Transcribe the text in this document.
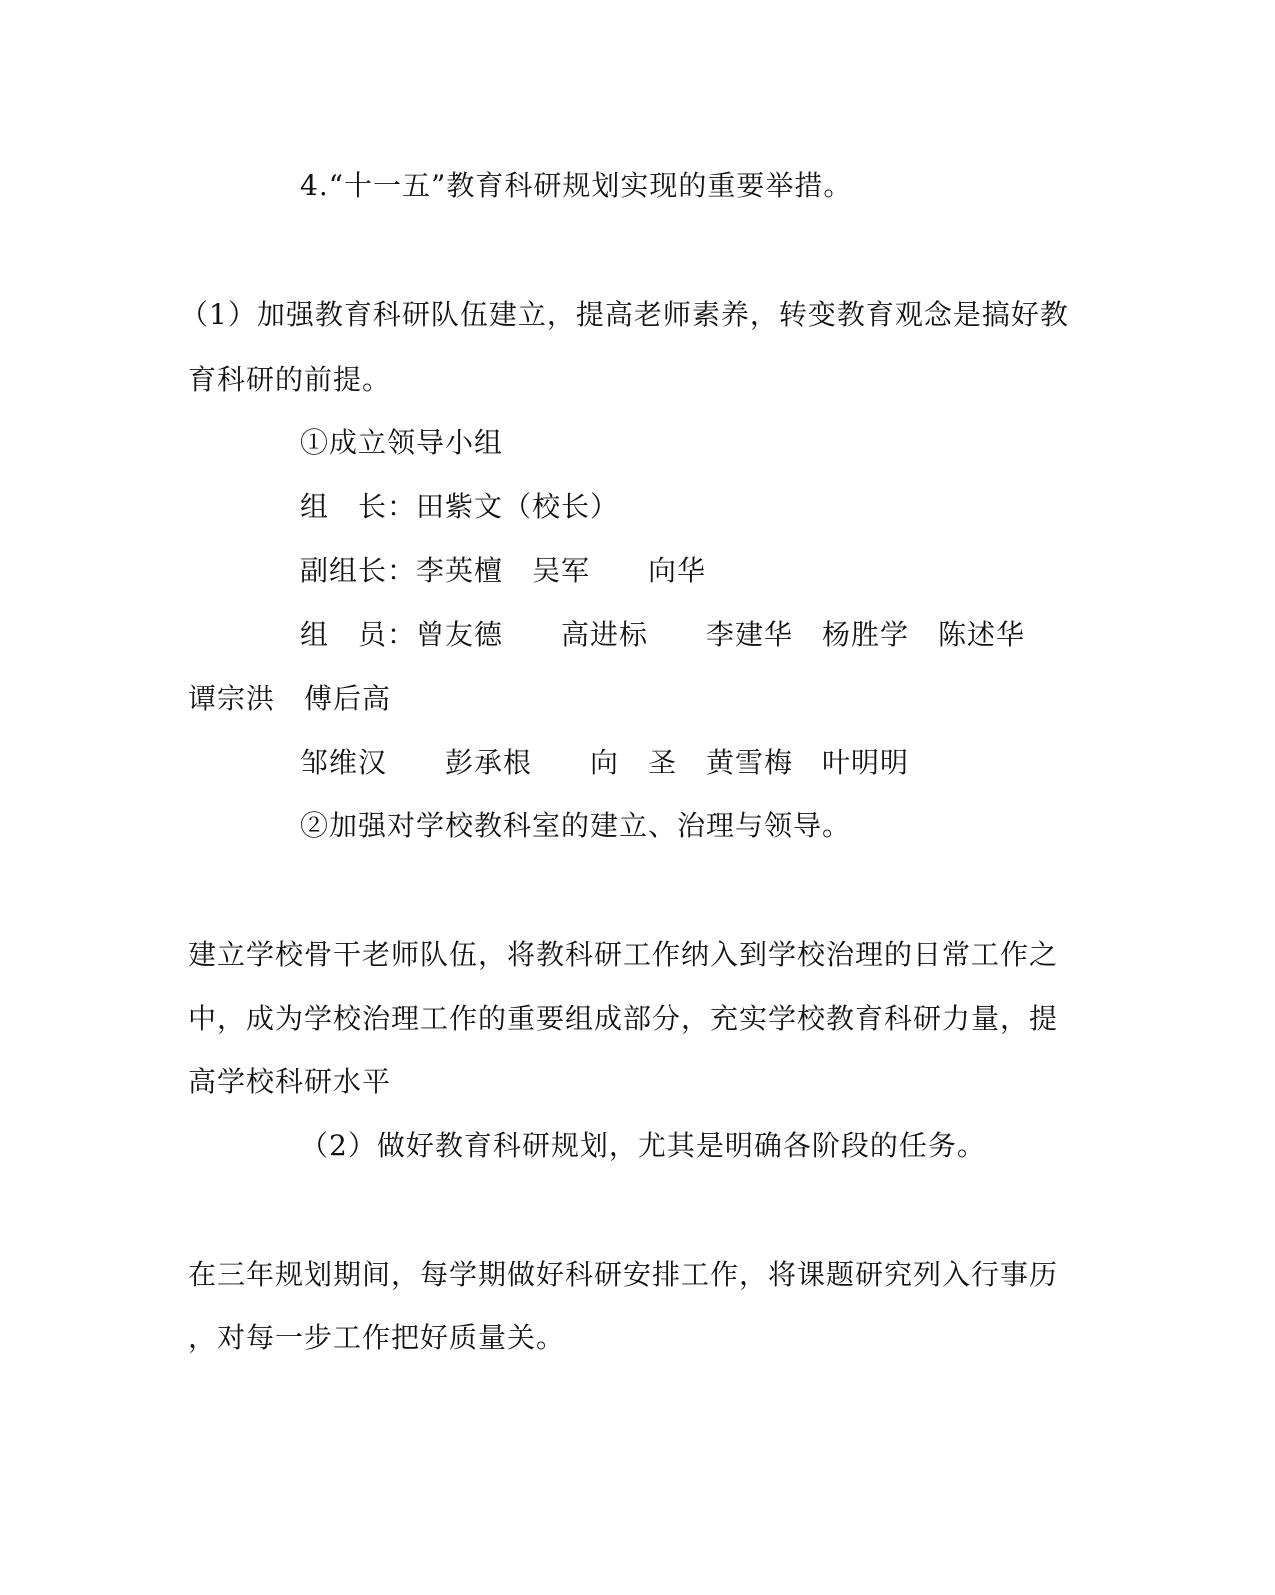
4.“十一五”教育科研规划实现的重要举措。
（1）加强教育科研队伍建立，提高老师素养，转变教育观念是搞好教
育科研的前提。
①成立领导小组
组　长：田紫文（校长）
副组长：李英檀　吴军　　向华
组　员：曾友德　　高进标　　李建华　杨胜学　陈述华
谭宗洪　傅后高
邹维汉　　彭承根　　向　圣　黄雪梅　叶明明
②加强对学校教科室的建立、治理与领导。
建立学校骨干老师队伍，将教科研工作纳入到学校治理的日常工作之
中，成为学校治理工作的重要组成部分，充实学校教育科研力量，提
高学校科研水平
（2）做好教育科研规划，尤其是明确各阶段的任务。
在三年规划期间，每学期做好科研安排工作，将课题研究列入行事历
，对每一步工作把好质量关。
